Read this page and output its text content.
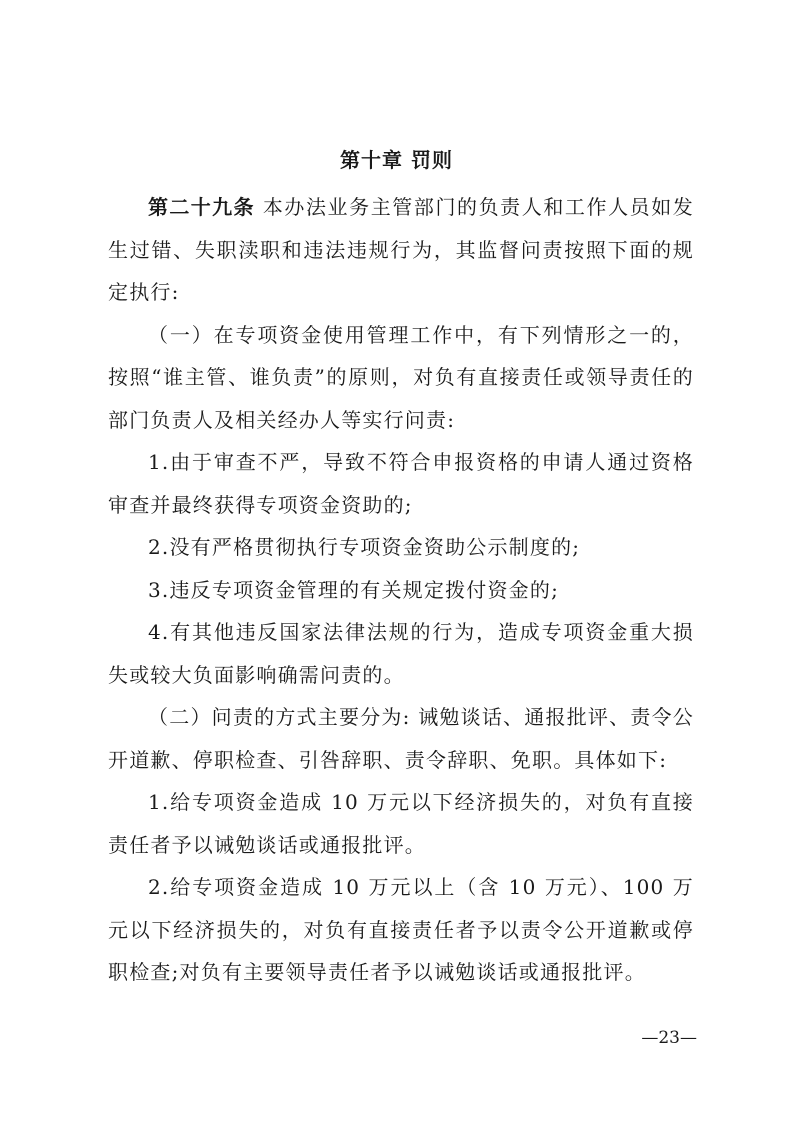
第十章 罚则

第二十九条 本办法业务主管部门的负责人和工作人员如发生过错、失职渎职和违法违规行为，其监督问责按照下面的规定执行:

（一）在专项资金使用管理工作中，有下列情形之一的，按照“谁主管、谁负责”的原则，对负有直接责任或领导责任的部门负责人及相关经办人等实行问责:

1.由于审查不严，导致不符合申报资格的申请人通过资格审查并最终获得专项资金资助的;

2.没有严格贯彻执行专项资金资助公示制度的;

3.违反专项资金管理的有关规定拨付资金的;

4.有其他违反国家法律法规的行为，造成专项资金重大损失或较大负面影响确需问责的。

（二）问责的方式主要分为: 诫勉谈话、通报批评、责令公开道歉、停职检查、引咎辞职、责令辞职、免职。具体如下:

1.给专项资金造成 10 万元以下经济损失的，对负有直接责任者予以诫勉谈话或通报批评。

2.给专项资金造成 10 万元以上（含 10 万元）、100 万元以下经济损失的，对负有直接责任者予以责令公开道歉或停职检查;对负有主要领导责任者予以诫勉谈话或通报批评。

—23—
